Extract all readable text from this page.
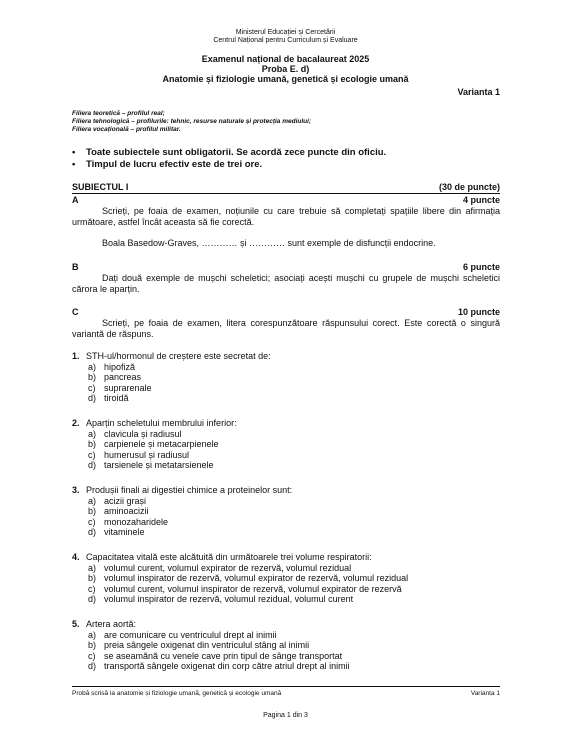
Ministerul Educației și Cercetării
Centrul Național pentru Curriculum și Evaluare
Examenul național de bacalaureat 2025
Proba E. d)
Anatomie și fiziologie umană, genetică și ecologie umană
Varianta 1
Filiera teoretică – profilul real;
Filiera tehnologică – profilurile: tehnic, resurse naturale și protecția mediului;
Filiera vocațională – profilul militar.
•	Toate subiectele sunt obligatorii. Se acordă zece puncte din oficiu.
•	Timpul de lucru efectiv este de trei ore.
SUBIECTUL I	(30 de puncte)
A	4 puncte
Scrieți, pe foaia de examen, noțiunile cu care trebuie să completați spațiile libere din afirmația următoare, astfel încât aceasta să fie corectă.
Boala Basedow-Graves, ………… și ………… sunt exemple de disfuncții endocrine.
B	6 puncte
Dați două exemple de mușchi scheletici; asociați acești mușchi cu grupele de mușchi scheletici cărora le aparțin.
C	10 puncte
Scrieți, pe foaia de examen, litera corespunzătoare răspunsului corect. Este corectă o singură variantă de răspuns.
1. STH-ul/hormonul de creștere este secretat de:
a) hipofiză
b) pancreas
c) suprarenale
d) tiroidă
2. Aparțin scheletului membrului inferior:
a) clavicula și radiusul
b) carpienele și metacarpienele
c) humerusul și radiusul
d) tarsienele și metatarsienele
3. Produșii finali ai digestiei chimice a proteinelor sunt:
a) acizii grași
b) aminoacizii
c) monozaharidele
d) vitaminele
4. Capacitatea vitală este alcătuită din următoarele trei volume respiratorii:
a) volumul curent, volumul expirator de rezervă, volumul rezidual
b) volumul inspirator de rezervă, volumul expirator de rezervă, volumul rezidual
c) volumul curent, volumul inspirator de rezervă, volumul expirator de rezervă
d) volumul inspirator de rezervă, volumul rezidual, volumul curent
5. Artera aortă:
a) are comunicare cu ventriculul drept al inimii
b) preia sângele oxigenat din ventriculul stâng al inimii
c) se aseamănă cu venele cave prin tipul de sânge transportat
d) transportă sângele oxigenat din corp către atriul drept al inimii
Probă scrisă la anatomie și fiziologie umană, genetică și ecologie umană	Varianta 1
Pagina 1 din 3
